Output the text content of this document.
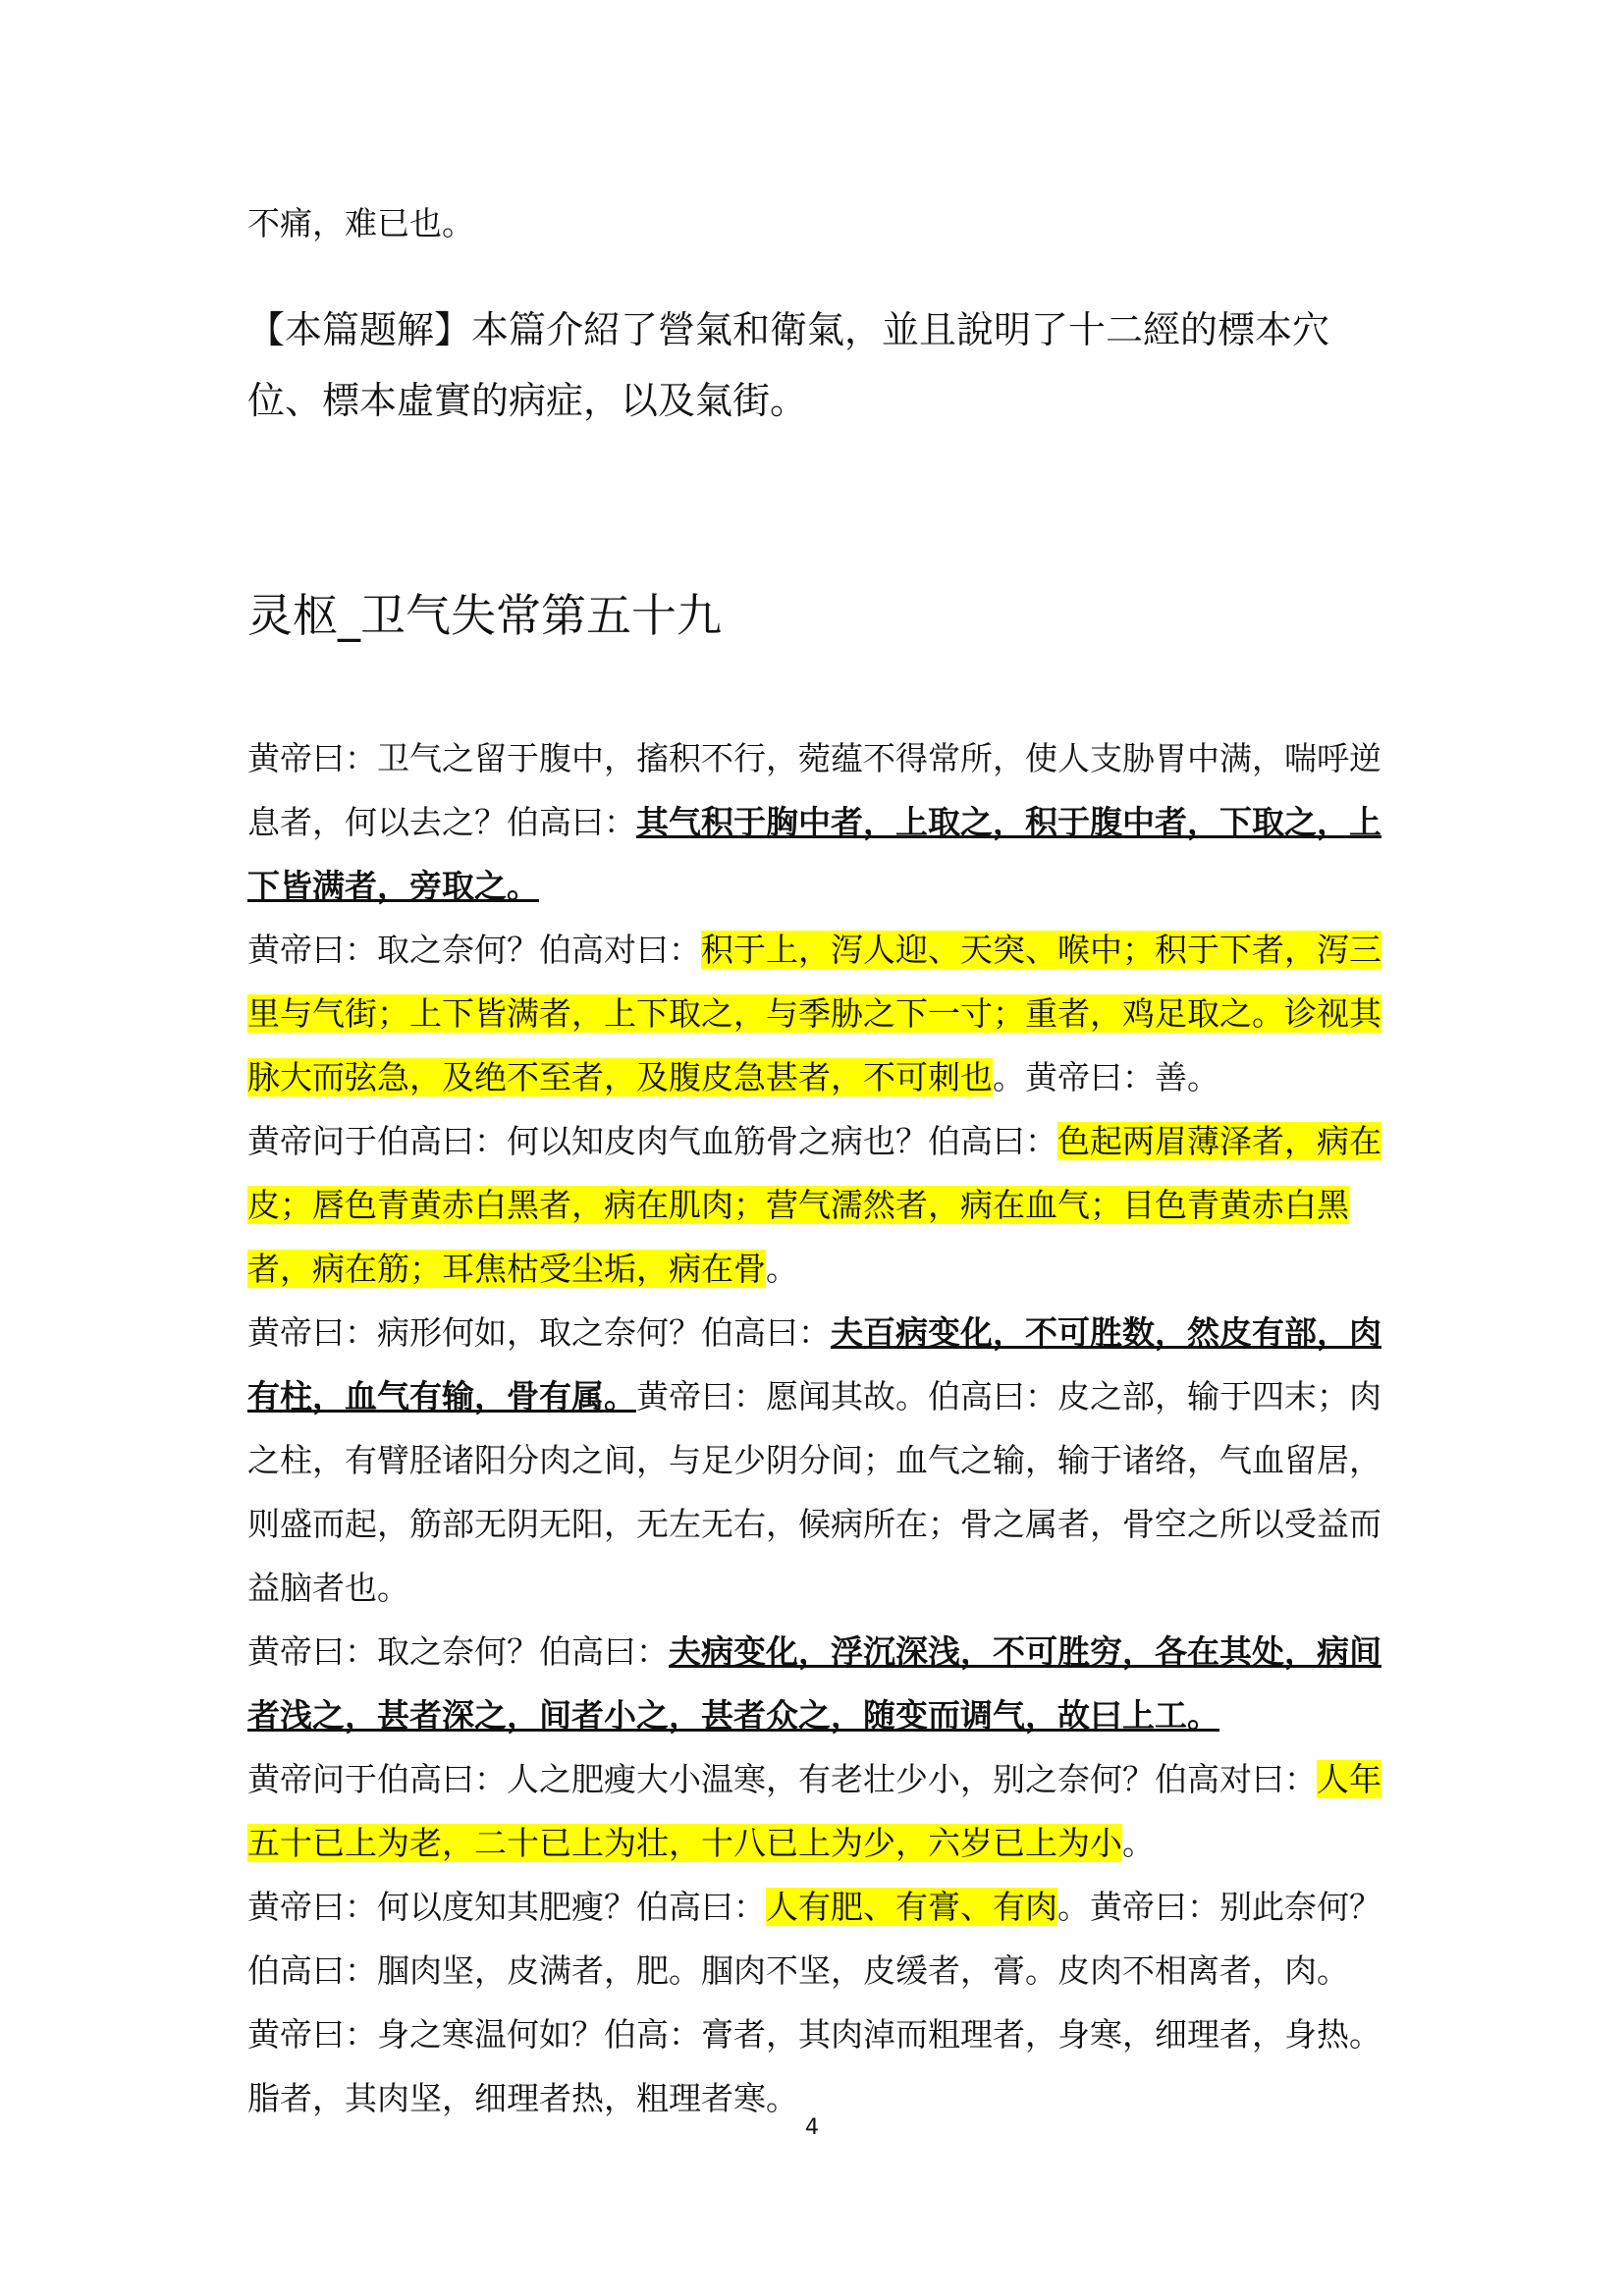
不痛，难已也。

【本篇题解】本篇介紹了營氣和衛氣，並且說明了十二經的標本穴位、標本虛實的病症，以及氣街。

灵枢_卫气失常第五十九

黄帝曰：卫气之留于腹中，搐积不行，菀蕴不得常所，使人支胁胃中满，喘呼逆息者，何以去之？伯高曰：其气积于胸中者，上取之，积于腹中者，下取之，上下皆满者，旁取之。

黄帝曰：取之奈何？伯高对曰：积于上，泻人迎、天突、喉中；积于下者，泻三里与气街；上下皆满者，上下取之，与季胁之下一寸；重者，鸡足取之。诊视其脉大而弦急，及绝不至者，及腹皮急甚者，不可刺也。黄帝曰：善。

黄帝问于伯高曰：何以知皮肉气血筋骨之病也？伯高曰：色起两眉薄泽者，病在皮；唇色青黄赤白黑者，病在肌肉；营气濡然者，病在血气；目色青黄赤白黑者，病在筋；耳焦枯受尘垢，病在骨。

黄帝曰：病形何如，取之奈何？伯高曰：夫百病变化，不可胜数，然皮有部，肉有柱，血气有输，骨有属。黄帝曰：愿闻其故。伯高曰：皮之部，输于四末；肉之柱，有臂胫诸阳分肉之间，与足少阴分间；血气之输，输于诸络，气血留居，则盛而起，筋部无阴无阳，无左无右，候病所在；骨之属者，骨空之所以受益而益脑者也。

黄帝曰：取之奈何？伯高曰：夫病变化，浮沉深浅，不可胜穷，各在其处，病间者浅之，甚者深之，间者小之，甚者众之，随变而调气，故曰上工。

黄帝问于伯高曰：人之肥瘦大小温寒，有老壮少小，别之奈何？伯高对曰：人年五十已上为老，二十已上为壮，十八已上为少，六岁已上为小。

黄帝曰：何以度知其肥瘦？伯高曰：人有肥、有膏、有肉。黄帝曰：别此奈何？伯高曰：腘肉坚，皮满者，肥。腘肉不坚，皮缓者，膏。皮肉不相离者，肉。

黄帝曰：身之寒温何如？伯高：膏者，其肉淖而粗理者，身寒，细理者，身热。脂者，其肉坚，细理者热，粗理者寒。

4
